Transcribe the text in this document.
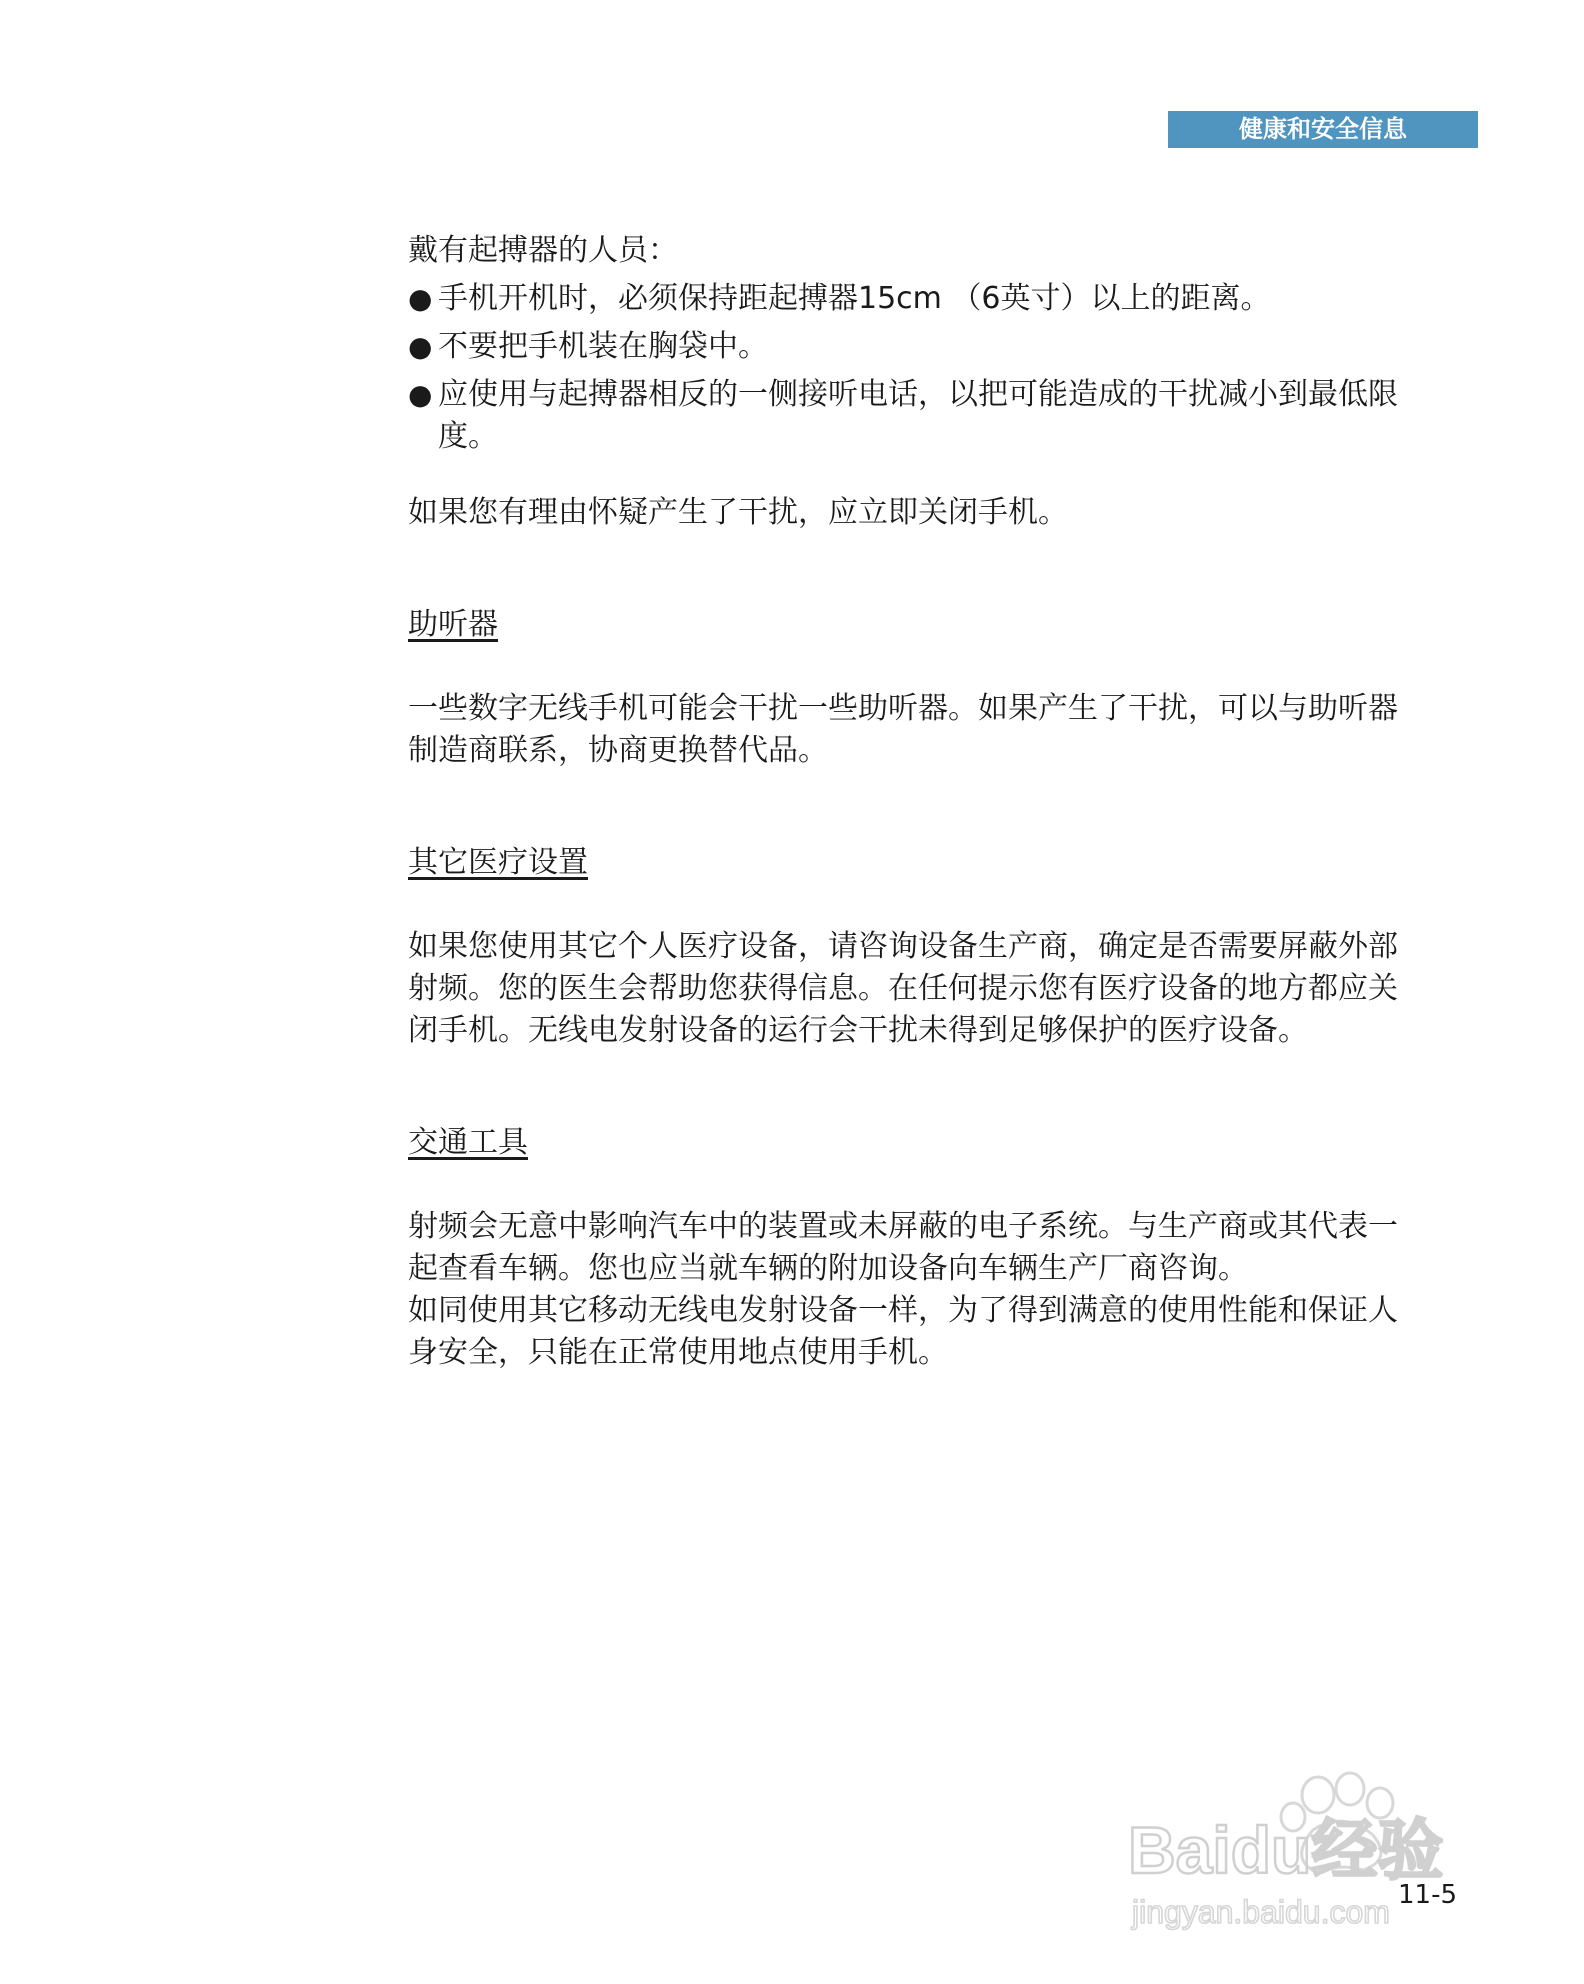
健康和安全信息

戴有起搏器的人员：

● 手机开机时，必须保持距起搏器15cm （6英寸）以上的距离。
● 不要把手机装在胸袋中。
● 应使用与起搏器相反的一侧接听电话，以把可能造成的干扰减小到最低限度。

如果您有理由怀疑产生了干扰，应立即关闭手机。

助听器

一些数字无线手机可能会干扰一些助听器。如果产生了干扰，可以与助听器制造商联系，协商更换替代品。

其它医疗设置

如果您使用其它个人医疗设备，请咨询设备生产商，确定是否需要屏蔽外部射频。您的医生会帮助您获得信息。在任何提示您有医疗设备的地方都应关闭手机。无线电发射设备的运行会干扰未得到足够保护的医疗设备。

交通工具

射频会无意中影响汽车中的装置或未屏蔽的电子系统。与生产商或其代表一起查看车辆。您也应当就车辆的附加设备向车辆生产厂商咨询。

如同使用其它移动无线电发射设备一样，为了得到满意的使用性能和保证人身安全，只能在正常使用地点使用手机。

Baidu经验
jingyan.baidu.com 11-5
